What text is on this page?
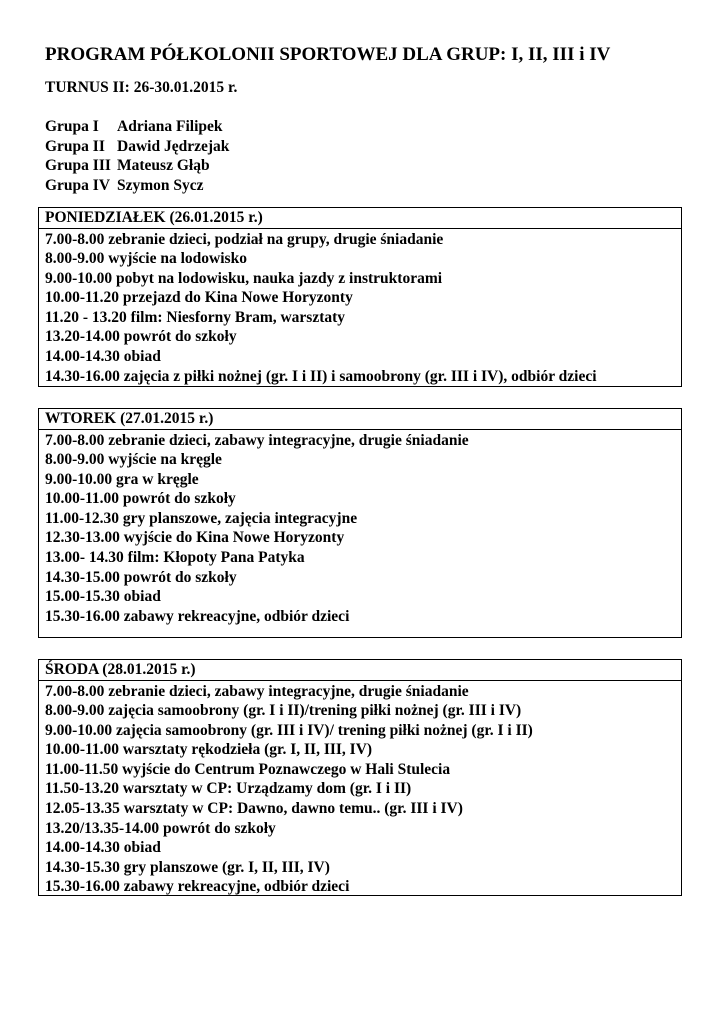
PROGRAM PÓŁKOLONII SPORTOWEJ DLA GRUP: I, II, III i IV
TURNUS II: 26-30.01.2015 r.
Grupa I Adriana Filipek
Grupa II Dawid Jędrzejak
Grupa III Mateusz Głąb
Grupa IV Szymon Sycz
PONIEDZIAŁEK (26.01.2015 r.)
7.00-8.00 zebranie dzieci, podział na grupy, drugie śniadanie
8.00-9.00 wyjście na lodowisko
9.00-10.00 pobyt na lodowisku, nauka jazdy z instruktorami
10.00-11.20 przejazd do Kina Nowe Horyzonty
11.20 - 13.20 film: Niesforny Bram, warsztaty
13.20-14.00 powrót do szkoły
14.00-14.30 obiad
14.30-16.00 zajęcia z piłki nożnej (gr. I i II) i samoobrony (gr. III i IV), odbiór dzieci
WTOREK (27.01.2015 r.)
7.00-8.00 zebranie dzieci, zabawy integracyjne, drugie śniadanie
8.00-9.00 wyjście na kręgle
9.00-10.00 gra w kręgle
10.00-11.00 powrót do szkoły
11.00-12.30 gry planszowe, zajęcia integracyjne
12.30-13.00 wyjście do Kina Nowe Horyzonty
13.00- 14.30 film: Kłopoty Pana Patyka
14.30-15.00 powrót do szkoły
15.00-15.30 obiad
15.30-16.00 zabawy rekreacyjne, odbiór dzieci
ŚRODA (28.01.2015 r.)
7.00-8.00 zebranie dzieci, zabawy integracyjne, drugie śniadanie
8.00-9.00 zajęcia samoobrony (gr. I i II)/trening piłki nożnej (gr. III i IV)
9.00-10.00 zajęcia samoobrony (gr. III i IV)/ trening piłki nożnej (gr. I i II)
10.00-11.00 warsztaty rękodzieła (gr. I, II, III, IV)
11.00-11.50 wyjście do Centrum Poznawczego w Hali Stulecia
11.50-13.20 warsztaty w CP: Urządzamy dom (gr. I i II)
12.05-13.35 warsztaty w CP: Dawno, dawno temu.. (gr. III i IV)
13.20/13.35-14.00 powrót do szkoły
14.00-14.30 obiad
14.30-15.30 gry planszowe (gr. I, II, III, IV)
15.30-16.00 zabawy rekreacyjne, odbiór dzieci
